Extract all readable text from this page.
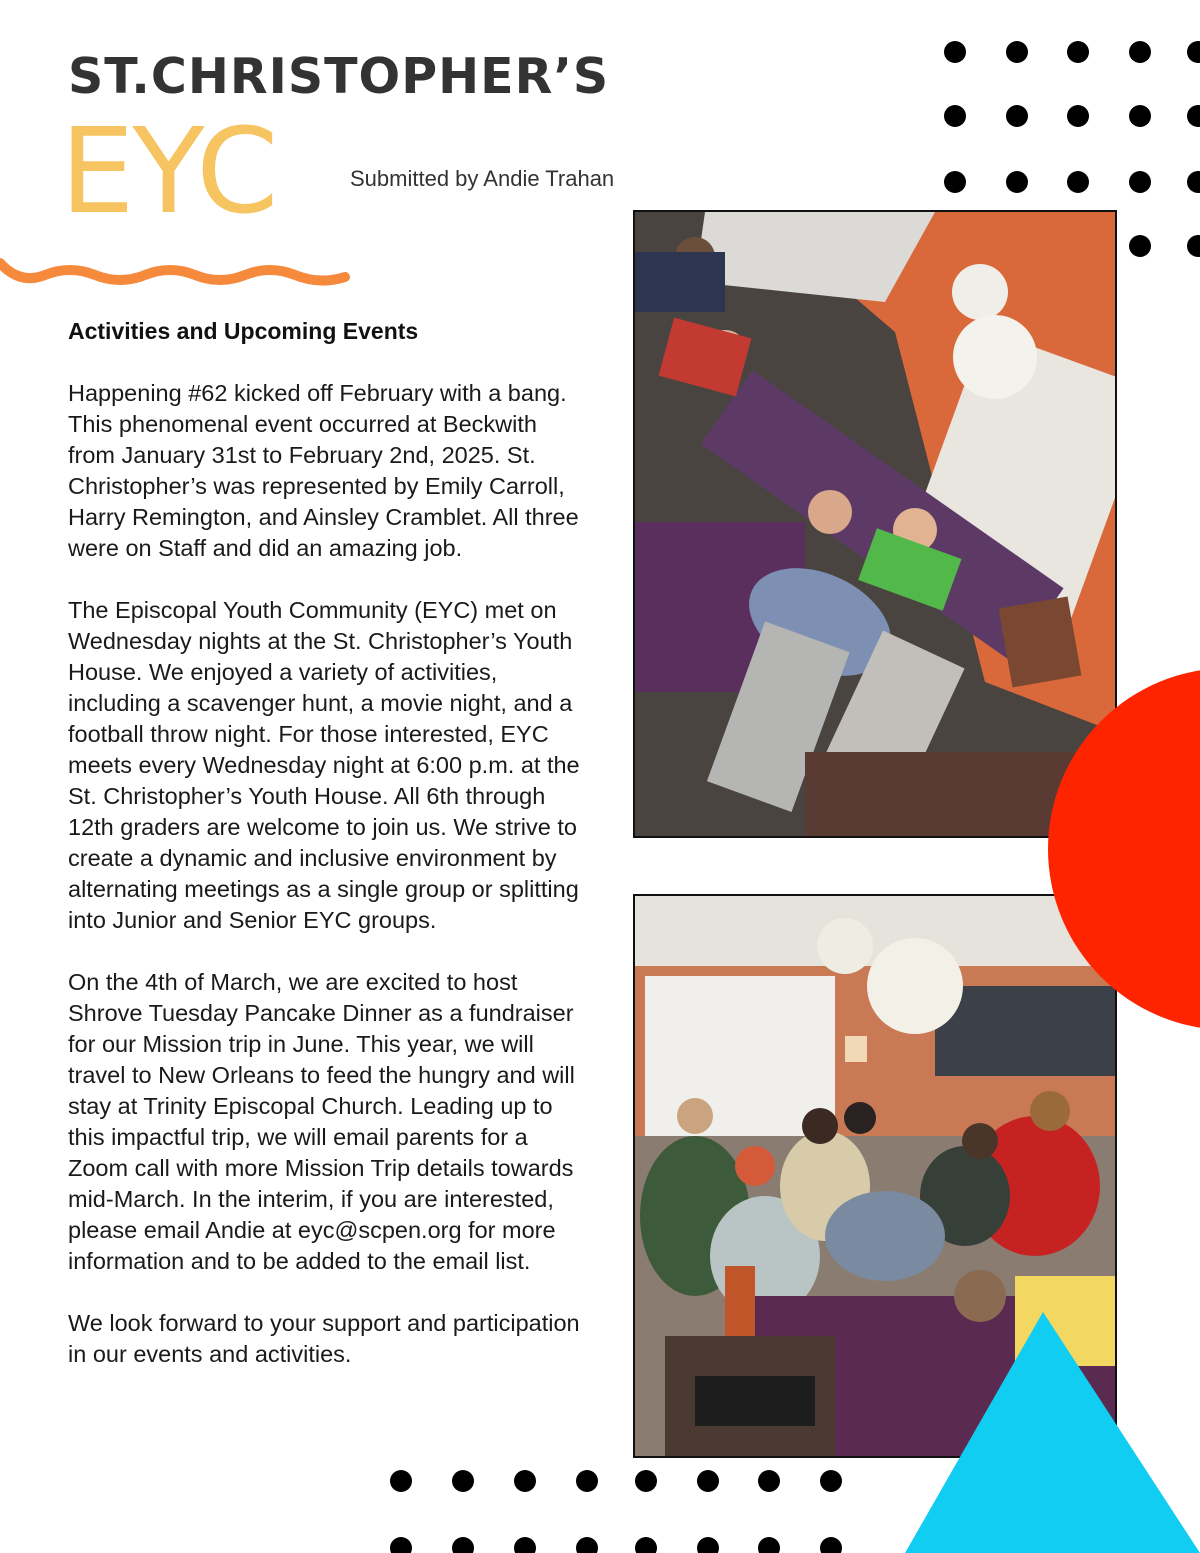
ST.CHRISTOPHER’S
EYC	Submitted by Andie Trahan
Activities and Upcoming Events

Happening #62 kicked off February with a bang. This phenomenal event occurred at Beckwith from January 31st to February 2nd, 2025. St. Christopher’s was represented by Emily Carroll, Harry Remington, and Ainsley Cramblet. All three were on Staff and did an amazing job.

The Episcopal Youth Community (EYC) met on Wednesday nights at the St. Christopher’s Youth House. We enjoyed a variety of activities, including a scavenger hunt, a movie night, and a football throw night. For those interested, EYC meets every Wednesday night at 6:00 p.m. at the St. Christopher’s Youth House. All 6th through 12th graders are welcome to join us. We strive to create a dynamic and inclusive environment by alternating meetings as a single group or splitting into Junior and Senior EYC groups.

On the 4th of March, we are excited to host Shrove Tuesday Pancake Dinner as a fundraiser for our Mission trip in June. This year, we will travel to New Orleans to feed the hungry and will stay at Trinity Episcopal Church. Leading up to this impactful trip, we will email parents for a Zoom call with more Mission Trip details towards mid-March. In the interim, if you are interested, please email Andie at eyc@scpen.org for more information and to be added to the email list.

We look forward to your support and participation in our events and activities.
